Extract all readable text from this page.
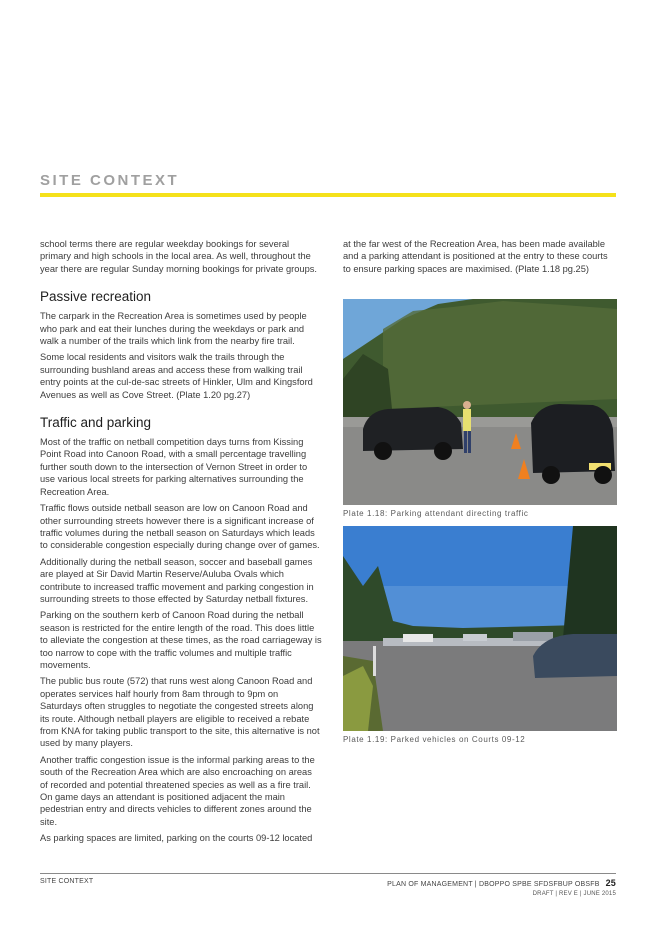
SITE CONTEXT

school terms there are regular weekday bookings for several primary and high schools in the local area. As well, throughout the year there are regular Sunday morning bookings for private groups.

Passive recreation

The carpark in the Recreation Area is sometimes used by people who park and eat their lunches during the weekdays or park and walk a number of the trails which link from the nearby fire trail.

Some local residents and visitors walk the trails through the surrounding bushland areas and access these from walking trail entry points at the cul-de-sac streets of Hinkler, Ulm and Kingsford Avenues as well as Cove Street. (Plate 1.20 pg.27)

Traffic and parking

Most of the traffic on netball competition days turns from Kissing Point Road into Canoon Road, with a small percentage travelling further south down to the intersection of Vernon Street in order to use various local streets for parking alternatives surrounding the Recreation Area.

Traffic flows outside netball season are low on Canoon Road and other surrounding streets however there is a significant increase of traffic volumes during the netball season on Saturdays which leads to considerable congestion especially during change over of games.

Additionally during the netball season, soccer and baseball games are played at Sir David Martin Reserve/Auluba Ovals which contribute to increased traffic movement and parking congestion in surrounding streets to those effected by Saturday netball fixtures.

Parking on the southern kerb of Canoon Road during the netball season is restricted for the entire length of the road. This does little to alleviate the congestion at these times, as the road carriageway is too narrow to cope with the traffic volumes and multiple traffic movements.

The public bus route (572) that runs west along Canoon Road and operates services half hourly from 8am through to 9pm on Saturdays often struggles to negotiate the congested streets along its route. Although netball players are eligible to received a rebate from KNA for taking public transport to the site, this alternative is not used by many players.

Another traffic congestion issue is the informal parking areas to the south of the Recreation Area which are also encroaching on areas of recorded and potential threatened species as well as a fire trail. On game days an attendant is positioned adjacent the main pedestrian entry and directs vehicles to different zones around the site.

As parking spaces are limited, parking on the courts 09-12 located

at the far west of the Recreation Area, has been made available and a parking attendant is positioned at the entry to these courts to ensure parking spaces are maximised. (Plate 1.18 pg.25)

Plate 1.18: Parking attendant directing traffic

Plate 1.19: Parked vehicles on Courts 09-12

SITE CONTEXT	PLAN OF MANAGEMENT | DBOPPO SPBE SFDSFBUP OBSFB 25
DRAFT | REV E | JUNE 2015
